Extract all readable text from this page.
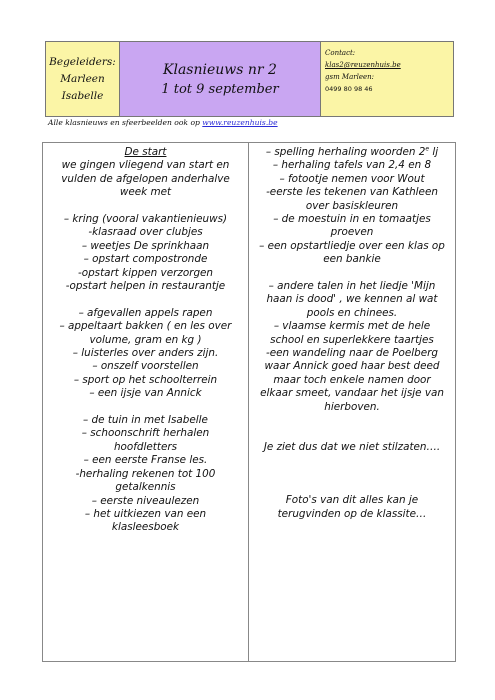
Begeleiders:
Marleen
Isabelle
Klasnieuws nr 2
1 tot 9 september
Contact:
klas2@reuzenhuis.be
gsm Marleen:
0499 80 98 46
Alle klasnieuws en sfeerbeelden ook op www.reuzenhuis.be
De start
we gingen vliegend van start en
vulden de afgelopen anderhalve
week met
– kring (vooral vakantienieuws)
-klasraad over clubjes
– weetjes De sprinkhaan
– opstart compostronde
-opstart kippen verzorgen
-opstart helpen in restaurantje
– afgevallen appels rapen
– appeltaart bakken ( en les over
volume, gram en kg )
– luisterles over anders zijn.
– onszelf voorstellen
– sport op het schoolterrein
– een ijsje van Annick
– de tuin in met Isabelle
– schoonschrift herhalen
hoofdletters
– een eerste Franse les.
-herhaling rekenen tot 100
getalkennis
– eerste niveaulezen
– het uitkiezen van een
klasleesboek
– spelling herhaling woorden 2e lj
– herhaling tafels van 2,4 en 8
– fotootje nemen voor Wout
-eerste les tekenen van Kathleen
over basiskleuren
– de moestuin in en tomaatjes
proeven
– een opstartliedje over een klas op
een bankie
– andere talen in het liedje 'Mijn
haan is dood' , we kennen al wat
pools en chinees.
– vlaamse kermis met de hele
school en superlekkere taartjes
-een wandeling naar de Poelberg
waar Annick goed haar best deed
maar toch enkele namen door
elkaar smeet, vandaar het ijsje van
hierboven.
Je ziet dus dat we niet stilzaten….
Foto's van dit alles kan je
terugvinden op de klassite…
